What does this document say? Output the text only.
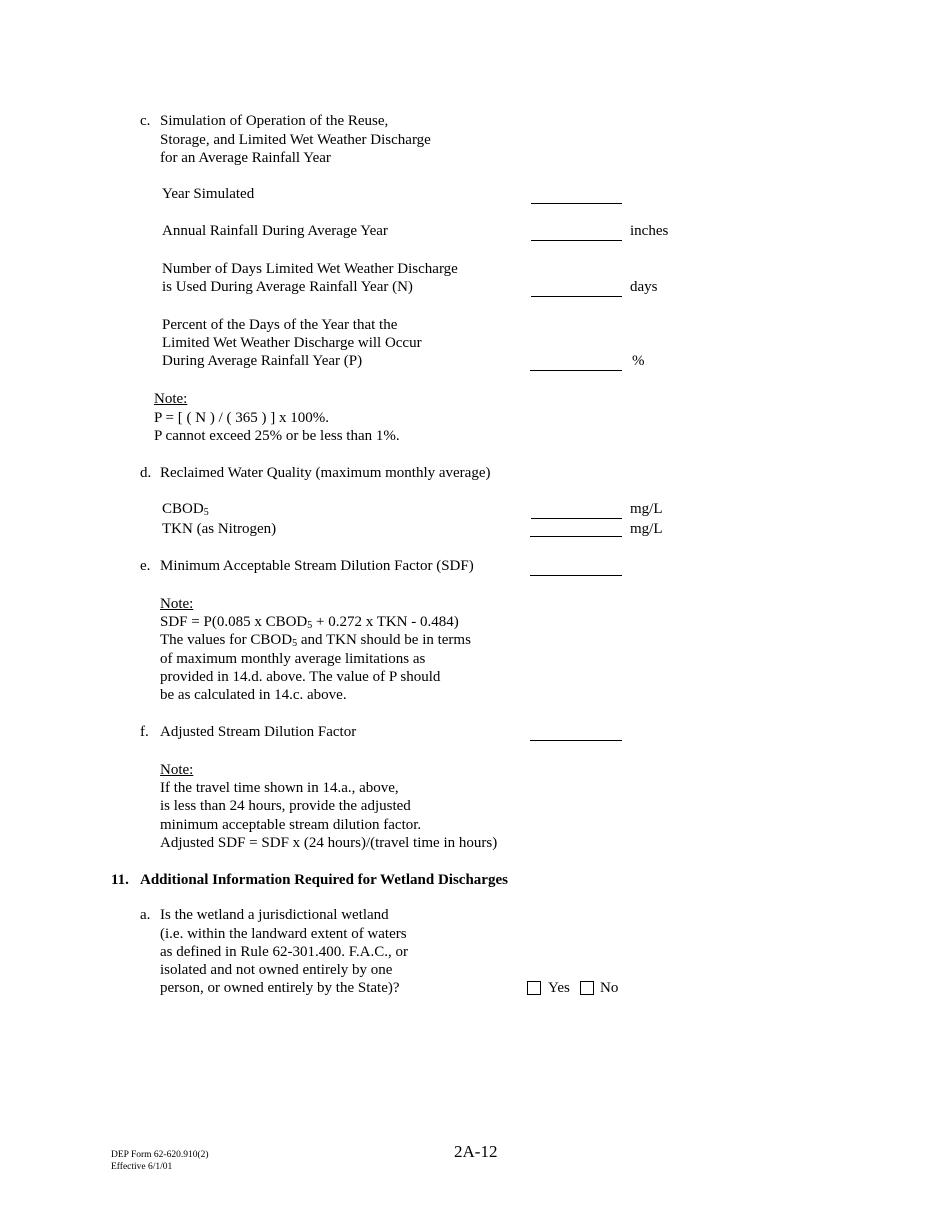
c. Simulation of Operation of the Reuse,
Storage, and Limited Wet Weather Discharge
for an Average Rainfall Year
Year Simulated
Annual Rainfall During Average Year	inches
Number of Days Limited Wet Weather Discharge
is Used During Average Rainfall Year (N)	days
Percent of the Days of the Year that the
Limited Wet Weather Discharge will Occur
During Average Rainfall Year (P)	%
Note:
P = [ ( N ) / ( 365 ) ] x 100%.
P cannot exceed 25% or be less than 1%.
d. Reclaimed Water Quality (maximum monthly average)
$CBOD_5$	mg/L
TKN (as Nitrogen)	mg/L
e. Minimum Acceptable Stream Dilution Factor (SDF)
Note:
SDF = P(0.085 x $CBOD_5 + 0.272$ x TKN - 0.484)
The values for $CBOD_5$ and TKN should be in terms
of maximum monthly average limitations as
provided in 14.d. above. The value of P should
be as calculated in 14.c. above.
f. Adjusted Stream Dilution Factor
Note:
If the travel time shown in 14.a., above,
is less than 24 hours, provide the adjusted
minimum acceptable stream dilution factor.
Adjusted SDF = SDF x (24 hours)/(travel time in hours)
11. Additional Information Required for Wetland Discharges
a. Is the wetland a jurisdictional wetland
(i.e. within the landward extent of waters
as defined in Rule 62-301.400. F.A.C., or
isolated and not owned entirely by one
person, or owned entirely by the State)?	Yes No
DEP Form 62-620.910(2)
Effective 6/1/01
2A-12
